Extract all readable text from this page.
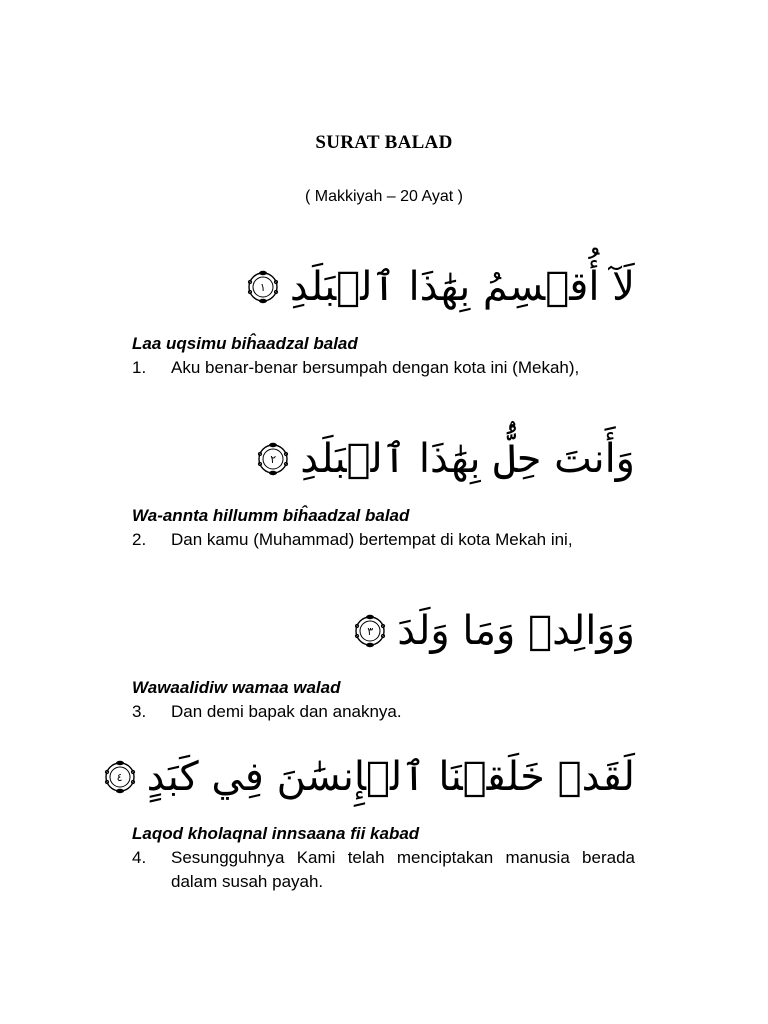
SURAT BALAD
( Makkiyah – 20 Ayat )
لَآ أُقۡسِمُ بِهَٰذَا ٱلۡبَلَدِ
١
Laa uqsimu biĥaadzal balad
1.	Aku benar-benar bersumpah dengan kota ini (Mekah),
وَأَنتَ حِلُّۢ بِهَٰذَا ٱلۡبَلَدِ
٢
Wa-annta hillumm biĥaadzal balad
2.	Dan kamu (Muhammad) bertempat di kota Mekah ini,
وَوَالِدٖ وَمَا وَلَدَ
٣
Wawaalidiw wamaa walad
3.	Dan demi bapak dan anaknya.
لَقَدۡ خَلَقۡنَا ٱلۡإِنسَٰنَ فِي كَبَدٍ
٤
Laqod kholaqnal innsaana fii kabad
4.	Sesungguhnya Kami telah menciptakan manusia berada dalam susah payah.
